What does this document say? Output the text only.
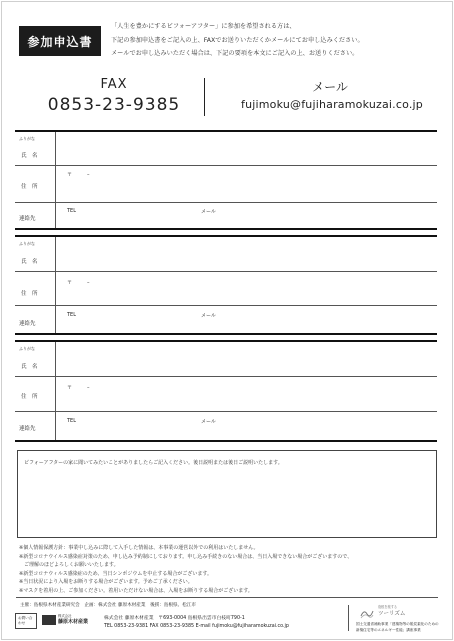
参加申込書
「人生を豊かにするビフォーアフター」に参加を希望される方は、
下記の参加申込書をご記入の上、FAXでお送りいただくかメールにてお申し込みください。
メールでお申し込みいただく場合は、下記の要項を本文にご記入の上、お送りください。
FAX
0853-23-9385
メール
fujimoku@fujiharamokuzai.co.jp
ふりがな
氏　名
住　所
〒　　　–
連絡先
TEL	メール
ふりがな
氏　名
住　所
〒　　　–
連絡先
TEL	メール
ふりがな
氏　名
住　所
〒　　　–
連絡先
TEL	メール
ビフォーアフターの家に聞いてみたいことがありましたらご記入ください。後日説明または後日ご説明いたします。
※個人情報保護方針：事業中し込みに際して入手した情報は、本事業の運営以外での利用はいたしません。
※新型コロナウイルス感染症対策のため、申し込み予約制にしております。申し込み手続きのない場合は、当日入場できない場合がございますので、
　ご理解のほどよろしくお願いいたします。
※新型コロナウィルス感染症のため、当日シンポジウムを中止する場合がございます。
※当日状況により入場をお断りする場合がございます。予めご了承ください。
※マスクを着用の上、ご参加ください。着用いただけない場合は、入場をお断りする場合がございます。
主催：島根県木材産業研究会　企画：株式会社 藤原木材産業　後援：島根県、松江市
お問い合わせ
株式会社
藤原木材産業
株式会社 藤原木材産業　〒693-0004 島根県出雲市白枝町790-1
TEL 0853-23-9381 FAX 0853-23-9385 E-mail fujimoku@fujiharamokuzai.co.jp
島根を旅する
ツーリズム
国土交通省補助事業「建築物等の脱炭素化のための
新築住宅等のエネルギー性能」講座事業
